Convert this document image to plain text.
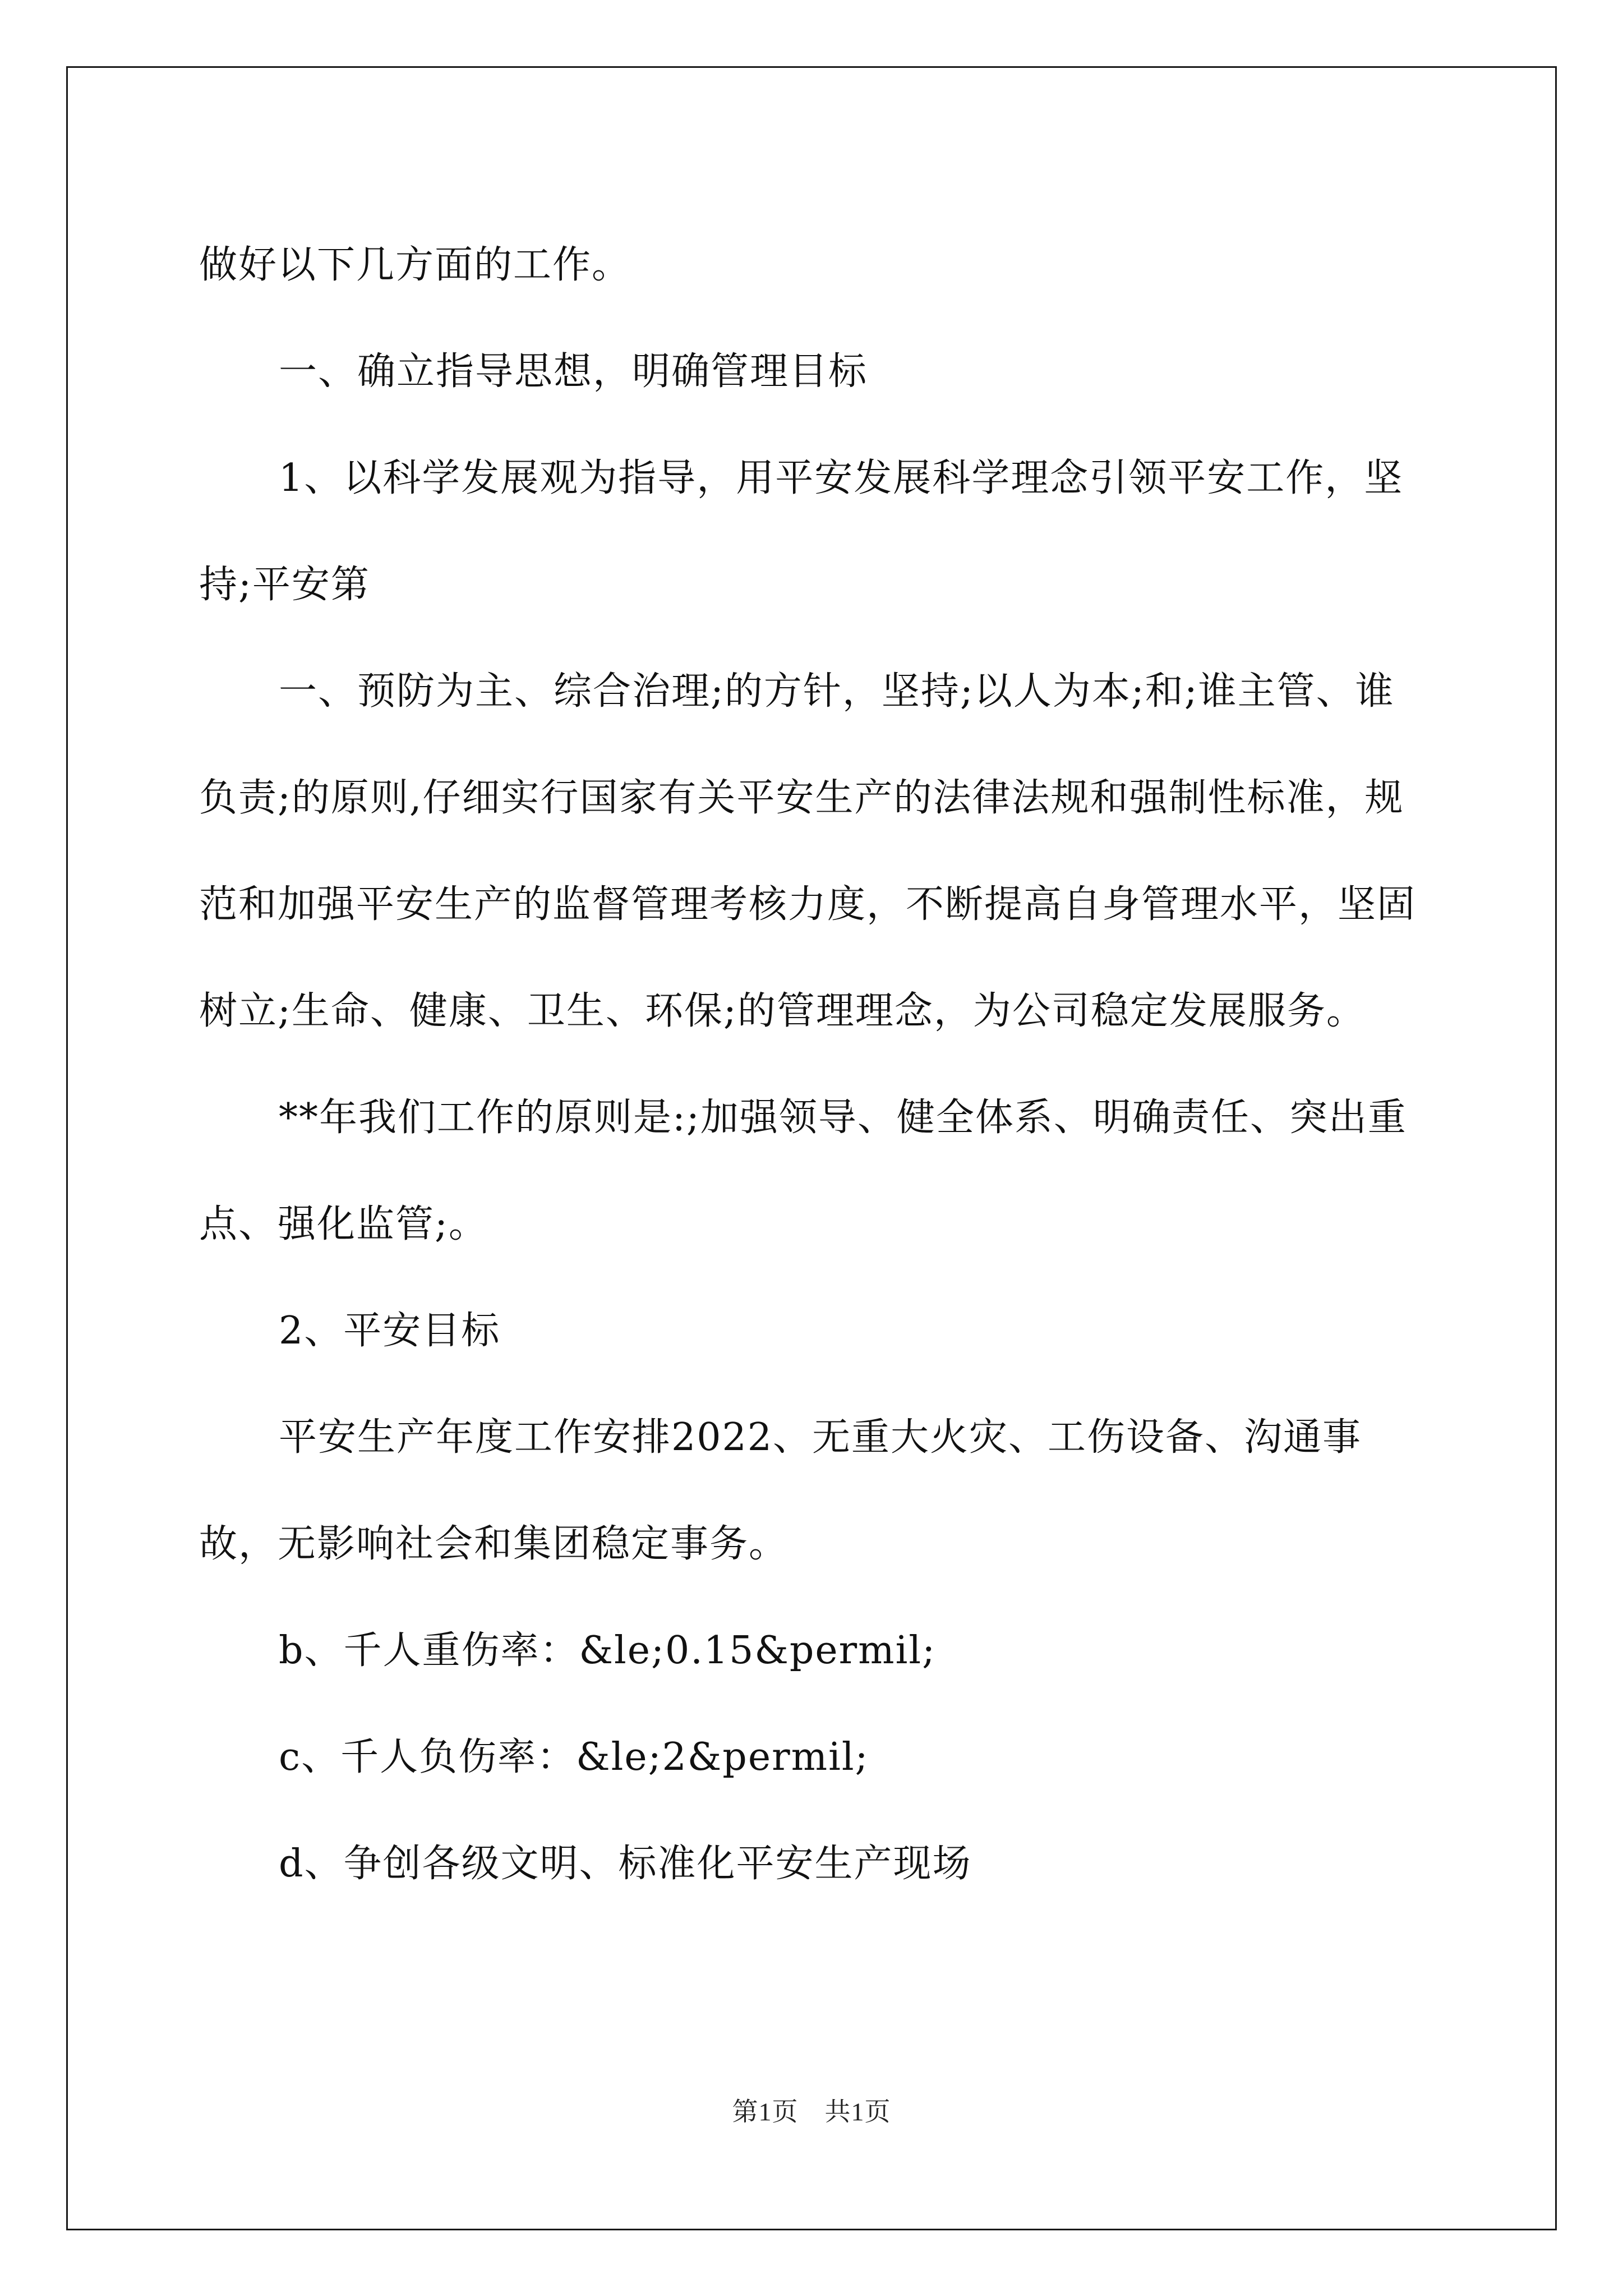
做好以下几方面的工作。

一、确立指导思想，明确管理目标

1、以科学发展观为指导，用平安发展科学理念引领平安工作，坚持;平安第

一、预防为主、综合治理;的方针，坚持;以人为本;和;谁主管、谁负责;的原则,仔细实行国家有关平安生产的法律法规和强制性标准，规范和加强平安生产的监督管理考核力度，不断提高自身管理水平，坚固树立;生命、健康、卫生、环保;的管理理念，为公司稳定发展服务。

**年我们工作的原则是:;加强领导、健全体系、明确责任、突出重点、强化监管;。

2、平安目标

平安生产年度工作安排2022、无重大火灾、工伤设备、沟通事故，无影响社会和集团稳定事务。

b、千人重伤率：&le;0.15&permil;

c、千人负伤率：&le;2&permil;

d、争创各级文明、标准化平安生产现场

第1页　共1页
